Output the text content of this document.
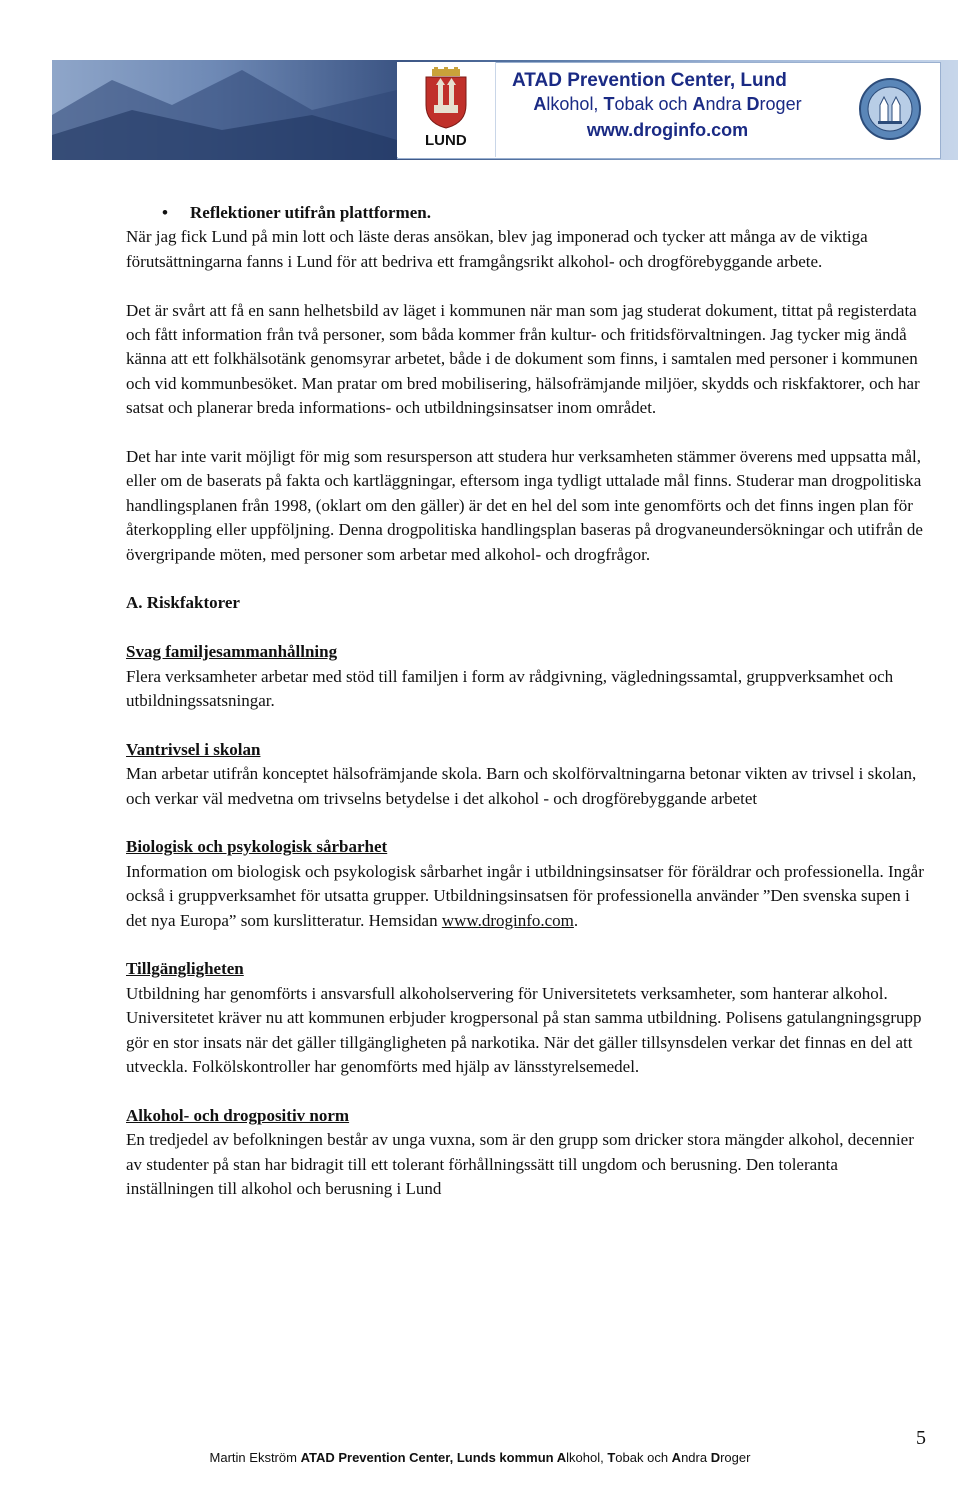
LUND
ATAD Prevention Center, Lund
Alkohol, Tobak och Andra Droger
www.droginfo.com
• Reflektioner utifrån plattformen.

När jag fick Lund på min lott och läste deras ansökan, blev jag imponerad och tycker att många av de viktiga förutsättningarna fanns i Lund för att bedriva ett framgångsrikt alkohol- och drogförebyggande arbete.

Det är svårt att få en sann helhetsbild av läget i kommunen när man som jag studerat dokument, tittat på registerdata och fått information från två personer, som båda kommer från kultur- och fritidsförvaltningen. Jag tycker mig ändå känna att ett folkhälsotänk genomsyrar arbetet, både i de dokument som finns, i samtalen med personer i kommunen och vid kommunbesöket. Man pratar om bred mobilisering, hälsofrämjande miljöer, skydds och riskfaktorer, och har satsat och planerar breda informations- och utbildningsinsatser inom området.

Det har inte varit möjligt för mig som resursperson att studera hur verksamheten stämmer överens med uppsatta mål, eller om de baserats på fakta och kartläggningar, eftersom inga tydligt uttalade mål finns. Studerar man drogpolitiska handlingsplanen från 1998, (oklart om den gäller) är det en hel del som inte genomförts och det finns ingen plan för återkoppling eller uppföljning. Denna drogpolitiska handlingsplan baseras på drogvaneundersökningar och utifrån de övergripande möten, med personer som arbetar med alkohol- och drogfrågor.

A. Riskfaktorer

Svag familjesammanhållning

Flera verksamheter arbetar med stöd till familjen i form av rådgivning, vägledningssamtal, gruppverksamhet och utbildningssatsningar.

Vantrivsel i skolan

Man arbetar utifrån konceptet hälsofrämjande skola. Barn och skolförvaltningarna betonar vikten av trivsel i skolan, och verkar väl medvetna om trivselns betydelse i det alkohol - och drogförebyggande arbetet

Biologisk och psykologisk sårbarhet

Information om biologisk och psykologisk sårbarhet ingår i utbildningsinsatser för föräldrar och professionella. Ingår också i gruppverksamhet för utsatta grupper. Utbildningsinsatsen för professionella använder ”Den svenska supen i det nya Europa” som kurslitteratur. Hemsidan www.droginfo.com.

Tillgängligheten

Utbildning har genomförts i ansvarsfull alkoholservering för Universitetets verksamheter, som hanterar alkohol. Universitetet kräver nu att kommunen erbjuder krogpersonal på stan samma utbildning. Polisens gatulangningsgrupp gör en stor insats när det gäller tillgängligheten på narkotika. När det gäller tillsynsdelen verkar det finnas en del att utveckla. Folkölskontroller har genomförts med hjälp av länsstyrelsemedel.

Alkohol- och drogpositiv norm

En tredjedel av befolkningen består av unga vuxna, som är den grupp som dricker stora mängder alkohol, decennier av studenter på stan har bidragit till ett tolerant förhållningssätt till ungdom och berusning. Den toleranta inställningen till alkohol och berusning i Lund

5
Martin Ekström ATAD Prevention Center, Lunds kommun Alkohol, Tobak och Andra Droger
